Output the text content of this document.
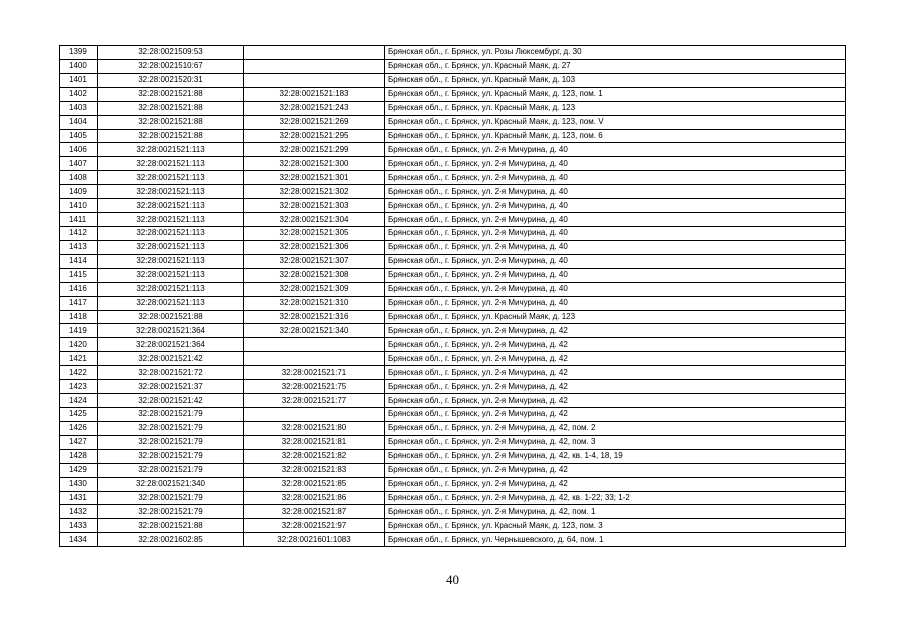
1399	32:28:0021509:53		Брянская обл., г. Брянск, ул. Розы Люксембург, д. 30
1400	32:28:0021510:67		Брянская обл., г. Брянск, ул. Красный Маяк, д. 27
1401	32:28:0021520:31		Брянская обл., г. Брянск, ул. Красный Маяк, д. 103
1402	32:28:0021521:88	32:28:0021521:183	Брянская обл., г. Брянск, ул. Красный Маяк, д. 123, пом. 1
1403	32:28:0021521:88	32:28:0021521:243	Брянская обл., г. Брянск, ул. Красный Маяк, д. 123
1404	32:28:0021521:88	32:28:0021521:269	Брянская обл., г. Брянск, ул. Красный Маяк, д. 123, пом. V
1405	32:28:0021521:88	32:28:0021521:295	Брянская обл., г. Брянск, ул. Красный Маяк, д. 123, пом. 6
1406	32:28:0021521:113	32:28:0021521:299	Брянская обл., г. Брянск, ул. 2-я Мичурина, д. 40
1407	32:28:0021521:113	32:28:0021521:300	Брянская обл., г. Брянск, ул. 2-я Мичурина, д. 40
1408	32:28:0021521:113	32:28:0021521:301	Брянская обл., г. Брянск, ул. 2-я Мичурина, д. 40
1409	32:28:0021521:113	32:28:0021521:302	Брянская обл., г. Брянск, ул. 2-я Мичурина, д. 40
1410	32:28:0021521:113	32:28:0021521:303	Брянская обл., г. Брянск, ул. 2-я Мичурина, д. 40
1411	32:28:0021521:113	32:28:0021521:304	Брянская обл., г. Брянск, ул. 2-я Мичурина, д. 40
1412	32:28:0021521:113	32:28:0021521:305	Брянская обл., г. Брянск, ул. 2-я Мичурина, д. 40
1413	32:28:0021521:113	32:28:0021521:306	Брянская обл., г. Брянск, ул. 2-я Мичурина, д. 40
1414	32:28:0021521:113	32:28:0021521:307	Брянская обл., г. Брянск, ул. 2-я Мичурина, д. 40
1415	32:28:0021521:113	32:28:0021521:308	Брянская обл., г. Брянск, ул. 2-я Мичурина, д. 40
1416	32:28:0021521:113	32:28:0021521:309	Брянская обл., г. Брянск, ул. 2-я Мичурина, д. 40
1417	32:28:0021521:113	32:28:0021521:310	Брянская обл., г. Брянск, ул. 2-я Мичурина, д. 40
1418	32:28:0021521:88	32:28:0021521:316	Брянская обл., г. Брянск, ул. Красный Маяк, д. 123
1419	32:28:0021521:364	32:28:0021521:340	Брянская обл., г. Брянск, ул. 2-я Мичурина, д. 42
1420	32:28:0021521:364		Брянская обл., г. Брянск, ул. 2-я Мичурина, д. 42
1421	32:28:0021521:42		Брянская обл., г. Брянск, ул. 2-я Мичурина, д. 42
1422	32:28:0021521:72	32:28:0021521:71	Брянская обл., г. Брянск, ул. 2-я Мичурина, д. 42
1423	32:28:0021521:37	32:28:0021521:75	Брянская обл., г. Брянск, ул. 2-я Мичурина, д. 42
1424	32:28:0021521:42	32:28:0021521:77	Брянская обл., г. Брянск, ул. 2-я Мичурина, д. 42
1425	32:28:0021521:79		Брянская обл., г. Брянск, ул. 2-я Мичурина, д. 42
1426	32:28:0021521:79	32:28:0021521:80	Брянская обл., г. Брянск, ул. 2-я Мичурина, д. 42, пом. 2
1427	32:28:0021521:79	32:28:0021521:81	Брянская обл., г. Брянск, ул. 2-я Мичурина, д. 42, пом. 3
1428	32:28:0021521:79	32:28:0021521:82	Брянская обл., г. Брянск, ул. 2-я Мичурина, д. 42, кв. 1-4, 18, 19
1429	32:28:0021521:79	32:28:0021521:83	Брянская обл., г. Брянск, ул. 2-я Мичурина, д. 42
1430	32:28:0021521:340	32:28:0021521:85	Брянская обл., г. Брянск, ул. 2-я Мичурина, д. 42
1431	32:28:0021521:79	32:28:0021521:86	Брянская обл., г. Брянск, ул. 2-я Мичурина, д. 42, кв. 1-22; 33; 1-2
1432	32:28:0021521:79	32:28:0021521:87	Брянская обл., г. Брянск, ул. 2-я Мичурина, д. 42, пом. 1
1433	32:28:0021521:88	32:28:0021521:97	Брянская обл., г. Брянск, ул. Красный Маяк, д. 123, пом. 3
1434	32:28:0021602:85	32:28:0021601:1083	Брянская обл., г. Брянск, ул. Чернышевского, д. 64, пом. 1
40
